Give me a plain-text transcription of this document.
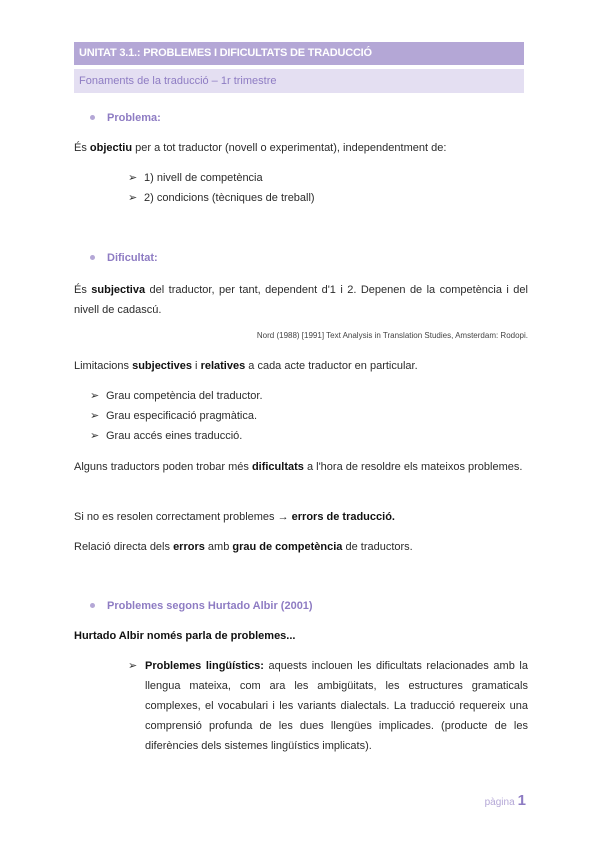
UNITAT 3.1.: PROBLEMES I DIFICULTATS DE TRADUCCIÓ
Fonaments de la traducció – 1r trimestre
Problema:
És objectiu per a tot traductor (novell o experimentat), independentment de:
➢ 1) nivell de competència
➢ 2) condicions (tècniques de treball)
Dificultat:
És subjectiva del traductor, per tant, dependent d'1 i 2. Depenen de la competència i del nivell de cadascú.
Nord (1988) [1991] Text Analysis in Translation Studies, Amsterdam: Rodopi.
Limitacions subjectives i relatives a cada acte traductor en particular.
➢ Grau competència del traductor.
➢ Grau especificació pragmàtica.
➢ Grau accés eines traducció.
Alguns traductors poden trobar més dificultats a l'hora de resoldre els mateixos problemes.
Si no es resolen correctament problemes → errors de traducció.
Relació directa dels errors amb grau de competència de traductors.
Problemes segons Hurtado Albir (2001)
Hurtado Albir només parla de problemes...
➢ Problemes lingüístics: aquests inclouen les dificultats relacionades amb la llengua mateixa, com ara les ambigüitats, les estructures gramaticals complexes, el vocabulari i les variants dialectals. La traducció requereix una comprensió profunda de les dues llengües implicades. (producte de les diferències dels sistemes lingüístics implicats).
pàgina 1
